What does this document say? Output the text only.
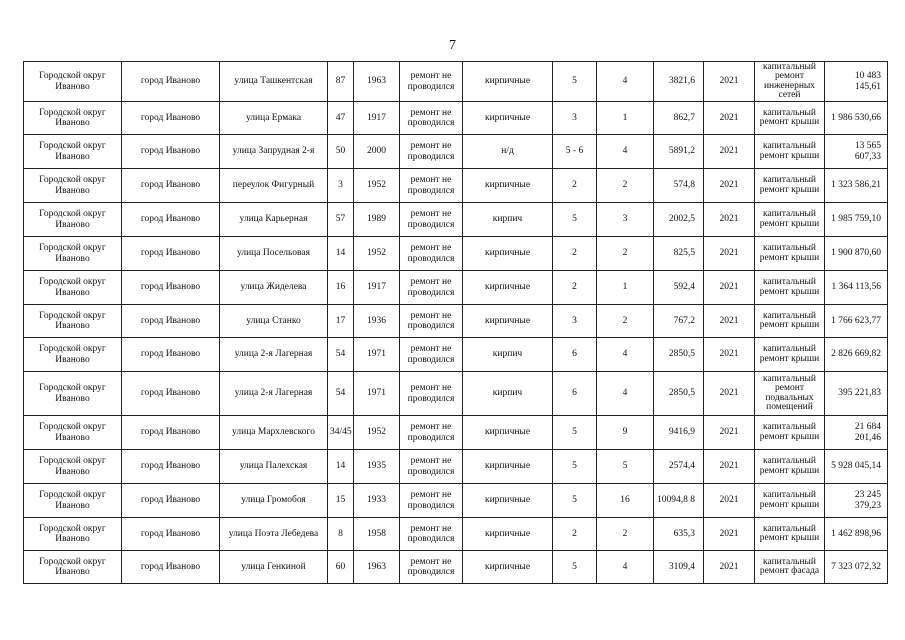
7
Городской округ Иваново	город Иваново	улица Ташкентская	87	1963	ремонт не проводился	кирпичные	5	4	3821,6	2021	капитальный ремонт инженерных сетей	10 483 145,61
Городской округ Иваново	город Иваново	улица Ермака	47	1917	ремонт не проводился	кирпичные	3	1	862,7	2021	капитальный ремонт крыши	1 986 530,66
Городской округ Иваново	город Иваново	улица Запрудная 2-я	50	2000	ремонт не проводился	н/д	5 - 6	4	5891,2	2021	капитальный ремонт крыши	13 565 607,33
Городской округ Иваново	город Иваново	переулок Фигурный	3	1952	ремонт не проводился	кирпичные	2	2	574,8	2021	капитальный ремонт крыши	1 323 586,21
Городской округ Иваново	город Иваново	улица Карьерная	57	1989	ремонт не проводился	кирпич	5	3	2002,5	2021	капитальный ремонт крыши	1 985 759,10
Городской округ Иваново	город Иваново	улица Посельовая	14	1952	ремонт не проводился	кирпичные	2	2	825,5	2021	капитальный ремонт крыши	1 900 870,60
Городской округ Иваново	город Иваново	улица Жиделева	16	1917	ремонт не проводился	кирпичные	2	1	592,4	2021	капитальный ремонт крыши	1 364 113,56
Городской округ Иваново	город Иваново	улица Станко	17	1936	ремонт не проводился	кирпичные	3	2	767,2	2021	капитальный ремонт крыши	1 766 623,77
Городской округ Иваново	город Иваново	улица 2-я Лагерная	54	1971	ремонт не проводился	кирпич	6	4	2850,5	2021	капитальный ремонт крыши	2 826 669,82
Городской округ Иваново	город Иваново	улица 2-я Лагерная	54	1971	ремонт не проводился	кирпич	6	4	2850,5	2021	капитальный ремонт подвальных помещений	395 221,83
Городской округ Иваново	город Иваново	улица Мархлевского	34/45	1952	ремонт не проводился	кирпичные	5	9	9416,9	2021	капитальный ремонт крыши	21 684 201,46
Городской округ Иваново	город Иваново	улица Палехская	14	1935	ремонт не проводился	кирпичные	5	5	2574,4	2021	капитальный ремонт крыши	5 928 045,14
Городской округ Иваново	город Иваново	улица Громобоя	15	1933	ремонт не проводился	кирпичные	5	16	10094,8 8	2021	капитальный ремонт крыши	23 245 379,23
Городской округ Иваново	город Иваново	улица Поэта Лебедева	8	1958	ремонт не проводился	кирпичные	2	2	635,3	2021	капитальный ремонт крыши	1 462 898,96
Городской округ Иваново	город Иваново	улица Генкиной	60	1963	ремонт не проводился	кирпичные	5	4	3109,4	2021	капитальный ремонт фасада	7 323 072,32
